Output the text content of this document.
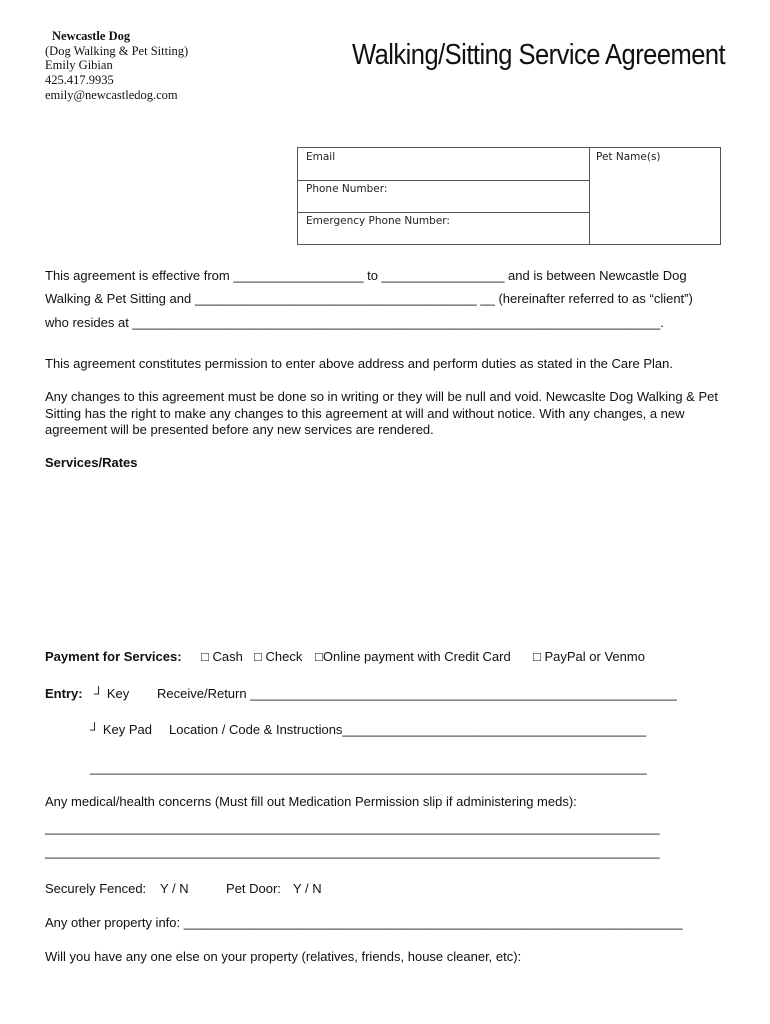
Newcastle Dog
(Dog Walking & Pet Sitting)
Emily Gibian
425.417.9935
emily@newcastledog.com
Walking/Sitting Service Agreement
Email
Phone Number:
Emergency Phone Number:
Pet Name(s)
This agreement is effective from __________________ to _________________ and is between Newcastle Dog
Walking & Pet Sitting and _______________________________________ __ (hereinafter referred to as “client”)
who resides at _________________________________________________________________________.
This agreement constitutes permission to enter above address and perform duties as stated in the Care Plan.
Any changes to this agreement must be done so in writing or they will be null and void. Newcaslte Dog Walking & Pet Sitting has the right to make any changes to this agreement at will and without notice. With any changes, a new agreement will be presented before any new services are rendered.
Services/Rates
Payment for Services: □ Cash □ Check □Online payment with Credit Card □ PayPal or Venmo
Entry: ┘ Key Receive/Return ___________________________________________________________
┘ Key Pad Location / Code & Instructions__________________________________________
_____________________________________________________________________________
Any medical/health concerns (Must fill out Medication Permission slip if administering meds):
_____________________________________________________________________________________
_____________________________________________________________________________________
Securely Fenced: Y / N	Pet Door: Y / N
Any other property info: _____________________________________________________________________
Will you have any one else on your property (relatives, friends, house cleaner, etc):
